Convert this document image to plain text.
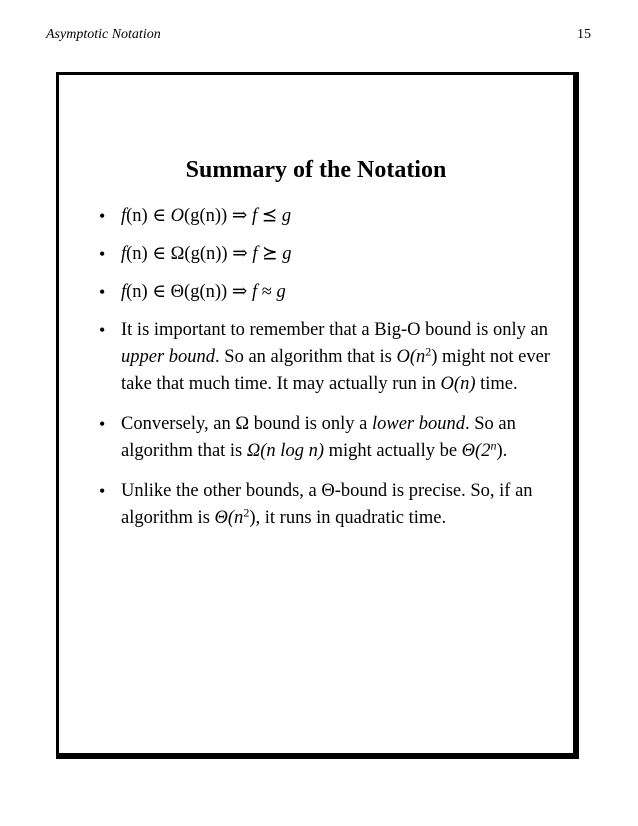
Asymptotic Notation	15
Summary of the Notation
• f(n) ∈ O(g(n)) ⇒ f ⪯ g
• f(n) ∈ Ω(g(n)) ⇒ f ⪰ g
• f(n) ∈ Θ(g(n)) ⇒ f ≈ g
• It is important to remember that a Big-O bound is only an upper bound. So an algorithm that is $O(n^2)$ might not ever take that much time. It may actually run in O(n) time.
• Conversely, an Ω bound is only a lower bound. So an algorithm that is Ω(n log n) might actually be Θ(2$^n$).
• Unlike the other bounds, a Θ-bound is precise. So, if an algorithm is $\Theta(n^2)$, it runs in quadratic time.
